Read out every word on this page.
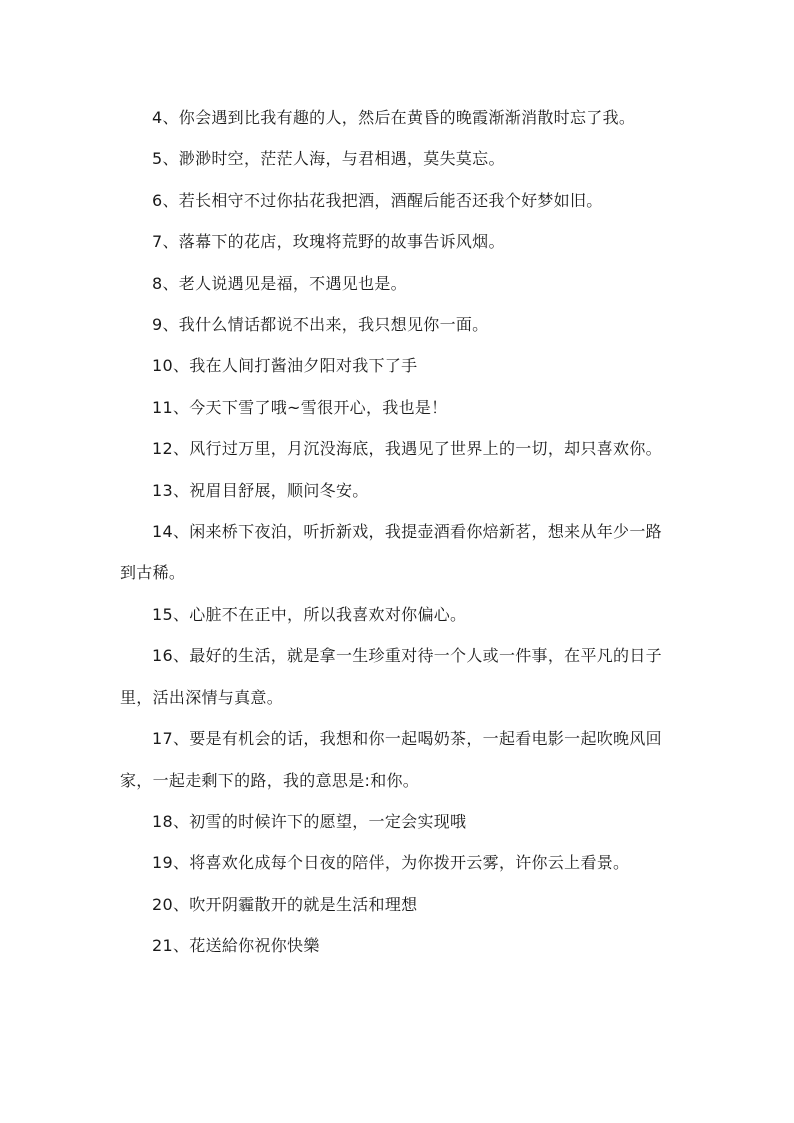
4、你会遇到比我有趣的人，然后在黄昏的晚霞渐渐消散时忘了我。

5、渺渺时空，茫茫人海，与君相遇，莫失莫忘。

6、若长相守不过你拈花我把酒，酒醒后能否还我个好梦如旧。

7、落幕下的花店，玫瑰将荒野的故事告诉风烟。

8、老人说遇见是福，不遇见也是。

9、我什么情话都说不出来，我只想见你一面。

10、我在人间打酱油夕阳对我下了手

11、今天下雪了哦~雪很开心，我也是！

12、风行过万里，月沉没海底，我遇见了世界上的一切，却只喜欢你。

13、祝眉目舒展，顺问冬安。

14、闲来桥下夜泊，听折新戏，我提壶酒看你焙新茗，想来从年少一路到古稀。

15、心脏不在正中，所以我喜欢对你偏心。

16、最好的生活，就是拿一生珍重对待一个人或一件事，在平凡的日子里，活出深情与真意。

17、要是有机会的话，我想和你一起喝奶茶，一起看电影一起吹晚风回家，一起走剩下的路，我的意思是:和你。

18、初雪的时候许下的愿望，一定会实现哦

19、将喜欢化成每个日夜的陪伴，为你拨开云雾，许你云上看景。

20、吹开阴霾散开的就是生活和理想

21、花送給你祝你快樂
